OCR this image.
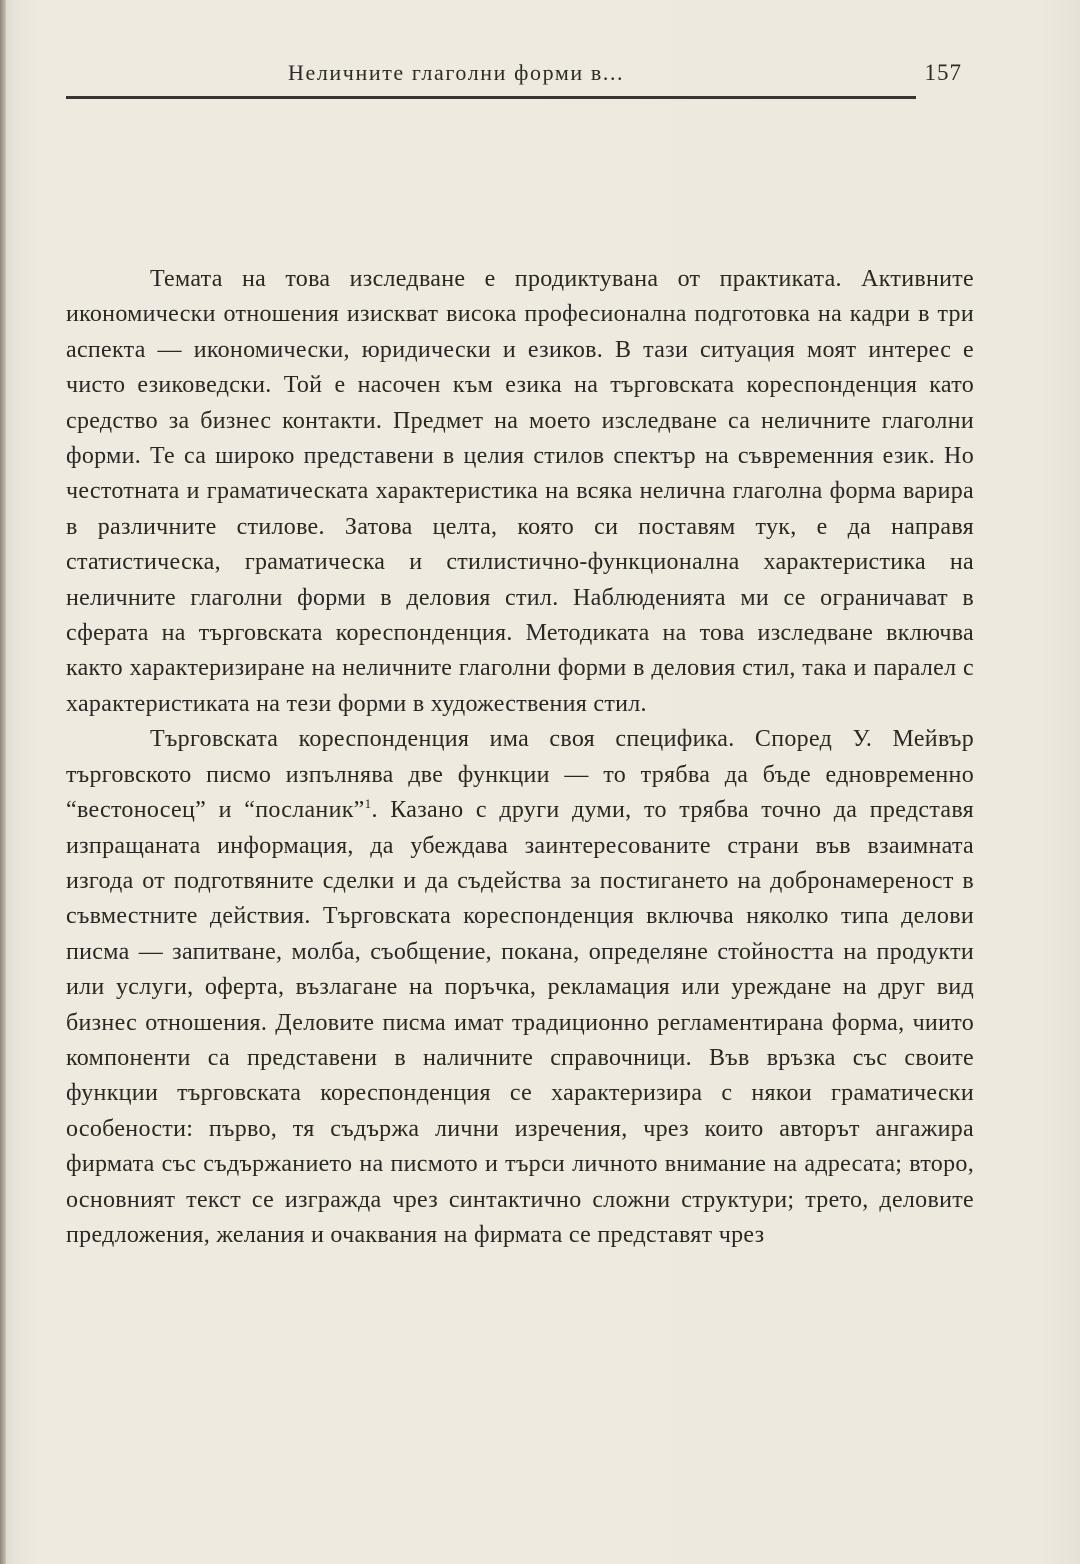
Неличните глаголни форми в...	157

Темата на това изследване е продиктувана от практиката. Активните икономически отношения изискват висока професионална подготовка на кадри в три аспекта — икономически, юридически и езиков. В тази ситуация моят интерес е чисто езиковедски. Той е насочен към езика на търговската кореспонденция като средство за бизнес контакти. Предмет на моето изследване са неличните глаголни форми. Те са широко представени в целия стилов спектър на съвременния език. Но честотната и граматическата характеристика на всяка нелична глаголна форма варира в различните стилове. Затова целта, която си поставям тук, е да направя статистическа, граматическа и стилистично-функционална характеристика на неличните глаголни форми в деловия стил. Наблюденията ми се ограничават в сферата на търговската кореспонденция. Методиката на това изследване включва както характеризиране на неличните глаголни форми в деловия стил, така и паралел с характеристиката на тези форми в художествения стил.

Търговската кореспонденция има своя специфика. Според У. Мейвър търговското писмо изпълнява две функции — то трябва да бъде едновременно “вестоносец” и “посланик”$^1$. Казано с други думи, то трябва точно да представя изпращаната информация, да убеждава заинтересованите страни във взаимната изгода от подготвяните сделки и да съдейства за постигането на добронамереност в съвместните действия. Търговската кореспонденция включва няколко типа делови писма — запитване, молба, съобщение, покана, определяне стойността на продукти или услуги, оферта, възлагане на поръчка, рекламация или уреждане на друг вид бизнес отношения. Деловите писма имат традиционно регламентирана форма, чиито компоненти са представени в наличните справочници. Във връзка със своите функции търговската кореспонденция се характеризира с някои граматически особености: първо, тя съдържа лични изречения, чрез които авторът ангажира фирмата със съдържанието на писмото и търси личното внимание на адресата; второ, основният текст се изгражда чрез синтактично сложни структури; трето, деловите предложения, желания и очаквания на фирмата се представят чрез
